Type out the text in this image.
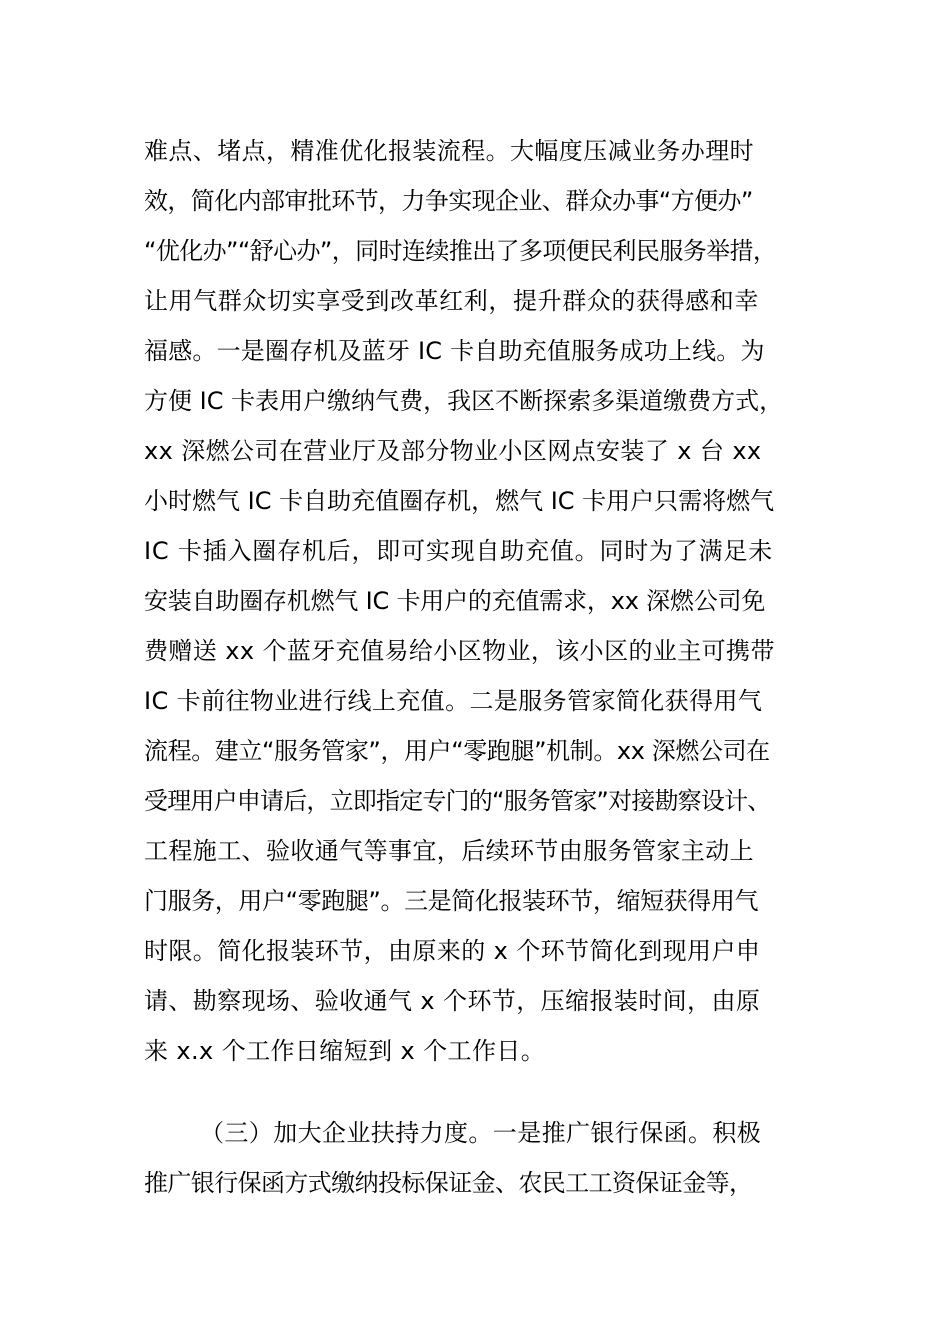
难点、堵点，精准优化报装流程。大幅度压减业务办理时
效，简化内部审批环节，力争实现企业、群众办事“方便办”
“优化办”“舒心办”，同时连续推出了多项便民利民服务举措，
让用气群众切实享受到改革红利，提升群众的获得感和幸
福感。一是圈存机及蓝牙 IC 卡自助充值服务成功上线。为
方便 IC 卡表用户缴纳气费，我区不断探索多渠道缴费方式，
xx 深燃公司在营业厅及部分物业小区网点安装了 x 台 xx
小时燃气 IC 卡自助充值圈存机，燃气 IC 卡用户只需将燃气
IC 卡插入圈存机后，即可实现自助充值。同时为了满足未
安装自助圈存机燃气 IC 卡用户的充值需求，xx 深燃公司免
费赠送 xx 个蓝牙充值易给小区物业，该小区的业主可携带
IC 卡前往物业进行线上充值。二是服务管家简化获得用气
流程。建立“服务管家”，用户“零跑腿”机制。xx 深燃公司在
受理用户申请后，立即指定专门的“服务管家”对接勘察设计、
工程施工、验收通气等事宜，后续环节由服务管家主动上
门服务，用户“零跑腿”。三是简化报装环节，缩短获得用气
时限。简化报装环节，由原来的 x 个环节简化到现用户申
请、勘察现场、验收通气 x 个环节，压缩报装时间，由原
来 x.x 个工作日缩短到 x 个工作日。
（三）加大企业扶持力度。一是推广银行保函。积极
推广银行保函方式缴纳投标保证金、农民工工资保证金等，
